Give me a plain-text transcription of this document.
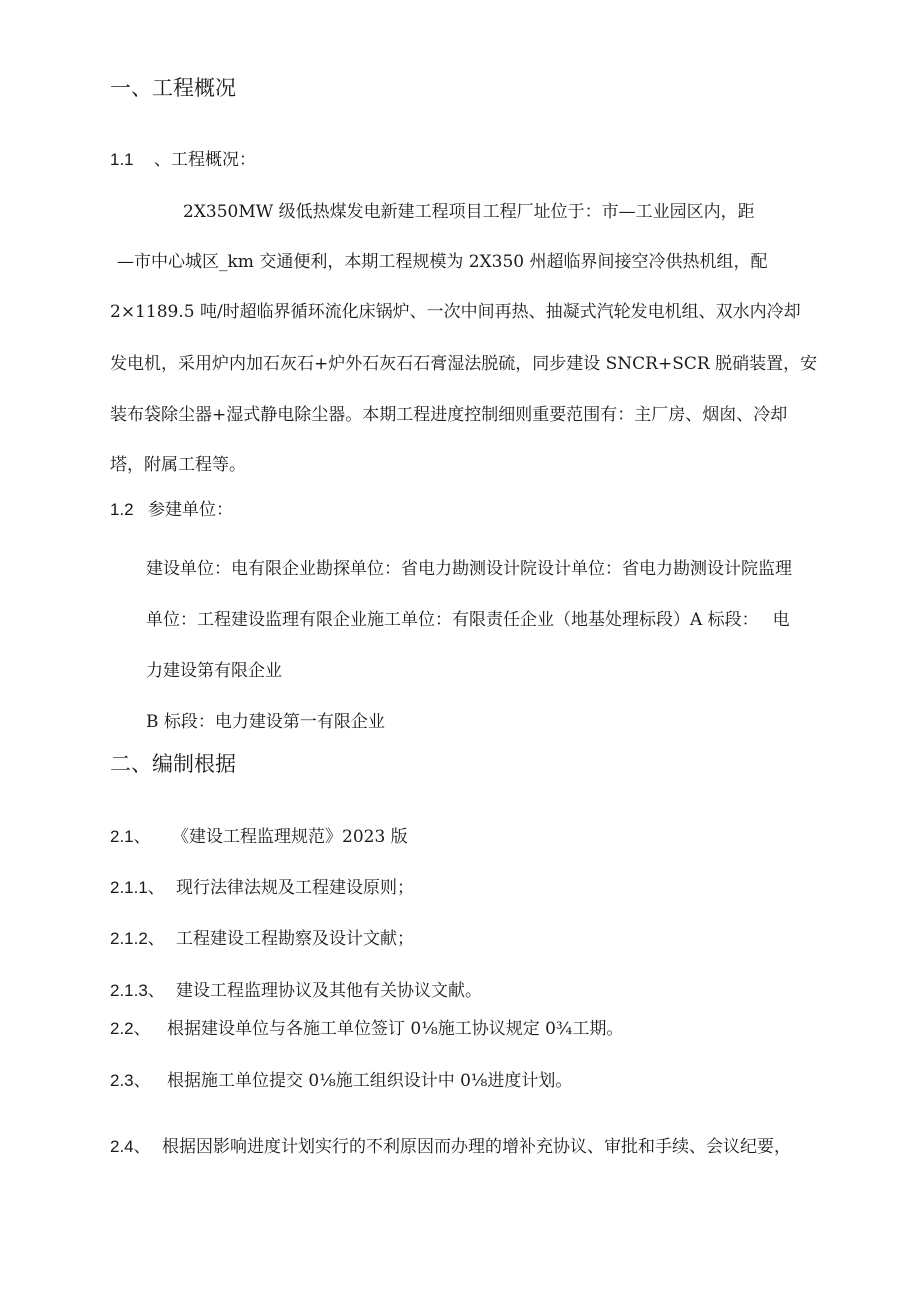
一、工程概况
1.1 、工程概况：
2X350MW 级低热煤发电新建工程项目工程厂址位于：市—工业园区内，距
—市中心城区_km 交通便利，本期工程规模为 2X350 州超临界间接空冷供热机组，配
2×1189.5 吨/时超临界循环流化床锅炉、一次中间再热、抽凝式汽轮发电机组、双水内冷却
发电机，采用炉内加石灰石+炉外石灰石石膏湿法脱硫，同步建设 SNCR+SCR 脱硝装置，安
装布袋除尘器+湿式静电除尘器。本期工程进度控制细则重要范围有：主厂房、烟囱、冷却
塔，附属工程等。
1.2 参建单位：
建设单位：电有限企业勘探单位：省电力勘测设计院设计单位：省电力勘测设计院监理
单位：工程建设监理有限企业施工单位：有限责任企业（地基处理标段）A 标段：　 电
力建设第有限企业
B 标段：电力建设第一有限企业
二、编制根据
2.1、 《建设工程监理规范》2023 版
2.1.1、 现行法律法规及工程建设原则；
2.1.2、 工程建设工程勘察及设计文献；
2.1.3、 建设工程监理协议及其他有关协议文献。
2.2、 根据建设单位与各施工单位签订 0⅛施工协议规定 0¾工期。
2.3、 根据施工单位提交 0⅛施工组织设计中 0⅛进度计划。
2.4、 根据因影响进度计划实行的不利原因而办理的增补充协议、审批和手续、会议纪要，
